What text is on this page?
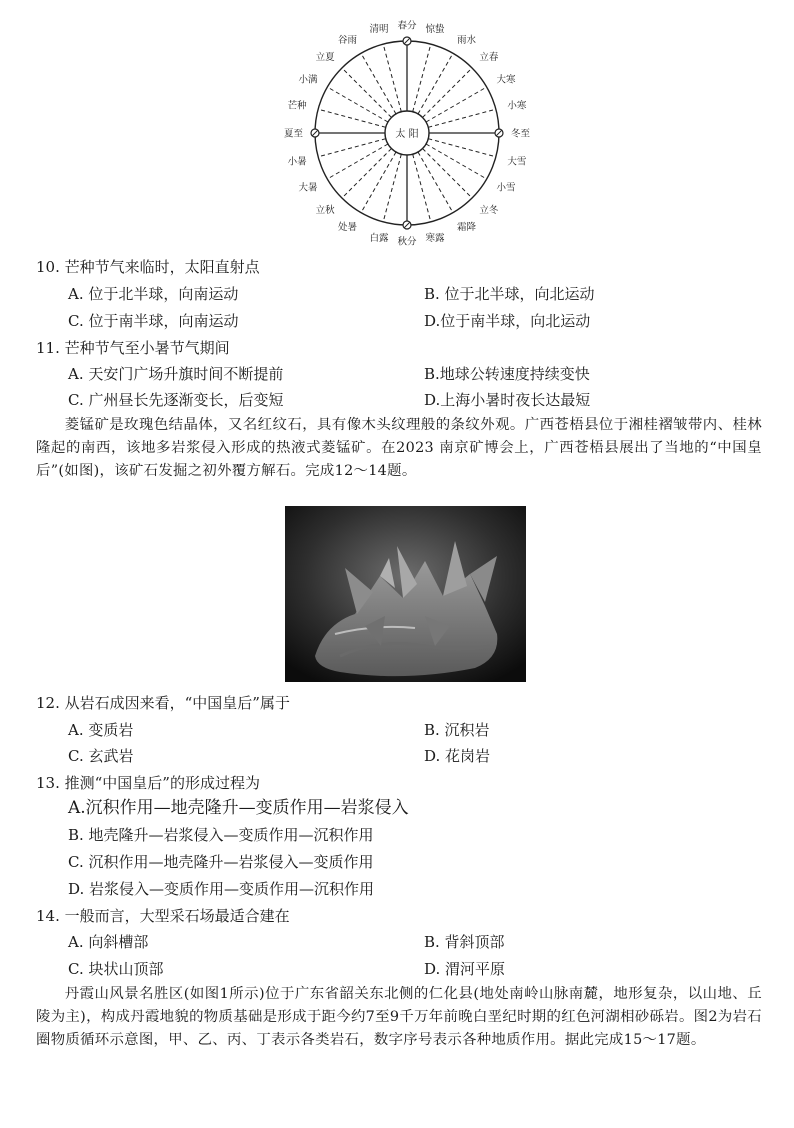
太 阳
春分 惊蛰
雨水
立春
大寒
小寒
冬至
大雪
小雪
立冬
霜降
寒露
秋分
白露
处暑
立秋
大暑
小暑
夏至
芒种
小满
立夏
谷雨
清明
10. 芒种节气来临时，太阳直射点
A. 位于北半球，向南运动	B. 位于北半球，向北运动
C. 位于南半球，向南运动	D.位于南半球，向北运动
11. 芒种节气至小暑节气期间
A. 天安门广场升旗时间不断提前	B.地球公转速度持续变快
C. 广州昼长先逐渐变长，后变短	D.上海小暑时夜长达最短
菱锰矿是玫瑰色结晶体，又名红纹石，具有像木头纹理般的条纹外观。广西苍梧县位于湘桂褶皱带内、桂林隆起的南西，该地多岩浆侵入形成的热液式菱锰矿。在2023 南京矿博会上，广西苍梧县展出了当地的“中国皇后”(如图)，该矿石发掘之初外覆方解石。完成12～14题。
12. 从岩石成因来看，“中国皇后”属于
A. 变质岩	B. 沉积岩
C. 玄武岩	D. 花岗岩
13. 推测“中国皇后”的形成过程为
A.沉积作用—地壳隆升—变质作用—岩浆侵入
B. 地壳隆升—岩浆侵入—变质作用—沉积作用
C. 沉积作用—地壳隆升—岩浆侵入—变质作用
D. 岩浆侵入—变质作用—变质作用—沉积作用
14. 一般而言，大型采石场最适合建在
A. 向斜槽部	B. 背斜顶部
C. 块状山顶部	D. 渭河平原
丹霞山风景名胜区(如图1所示)位于广东省韶关东北侧的仁化县(地处南岭山脉南麓，地形复杂，以山地、丘陵为主)，构成丹霞地貌的物质基础是形成于距今约7至9千万年前晚白垩纪时期的红色河湖相砂砾岩。图2为岩石圈物质循环示意图，甲、乙、丙、丁表示各类岩石，数字序号表示各种地质作用。据此完成15～17题。
